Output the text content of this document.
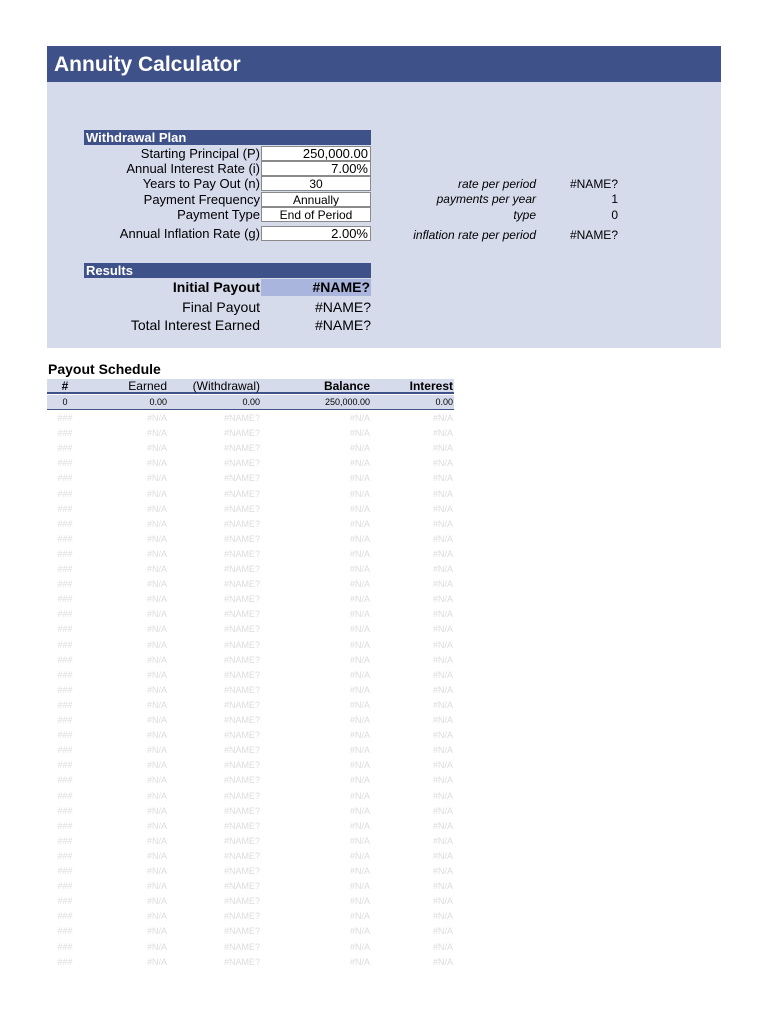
Annuity Calculator
Withdrawal Plan
Starting Principal (P)	250,000.00
Annual Interest Rate (i)	7.00%
Years to Pay Out (n)	30
Payment Frequency	Annually
Payment Type	End of Period
Annual Inflation Rate (g)	2.00%
rate per period	#NAME?
payments per year	1
type	0
inflation rate per period	#NAME?
Results
Initial Payout	#NAME?
Final Payout	#NAME?
Total Interest Earned	#NAME?
Payout Schedule
#	Earned	(Withdrawal)	Balance	Interest
0	0.00	0.00	250,000.00	0.00
###	#N/A	#NAME?	#N/A	#N/A
###	#N/A	#NAME?	#N/A	#N/A
###	#N/A	#NAME?	#N/A	#N/A
###	#N/A	#NAME?	#N/A	#N/A
###	#N/A	#NAME?	#N/A	#N/A
###	#N/A	#NAME?	#N/A	#N/A
###	#N/A	#NAME?	#N/A	#N/A
###	#N/A	#NAME?	#N/A	#N/A
###	#N/A	#NAME?	#N/A	#N/A
###	#N/A	#NAME?	#N/A	#N/A
###	#N/A	#NAME?	#N/A	#N/A
###	#N/A	#NAME?	#N/A	#N/A
###	#N/A	#NAME?	#N/A	#N/A
###	#N/A	#NAME?	#N/A	#N/A
###	#N/A	#NAME?	#N/A	#N/A
###	#N/A	#NAME?	#N/A	#N/A
###	#N/A	#NAME?	#N/A	#N/A
###	#N/A	#NAME?	#N/A	#N/A
###	#N/A	#NAME?	#N/A	#N/A
###	#N/A	#NAME?	#N/A	#N/A
###	#N/A	#NAME?	#N/A	#N/A
###	#N/A	#NAME?	#N/A	#N/A
###	#N/A	#NAME?	#N/A	#N/A
###	#N/A	#NAME?	#N/A	#N/A
###	#N/A	#NAME?	#N/A	#N/A
###	#N/A	#NAME?	#N/A	#N/A
###	#N/A	#NAME?	#N/A	#N/A
###	#N/A	#NAME?	#N/A	#N/A
###	#N/A	#NAME?	#N/A	#N/A
###	#N/A	#NAME?	#N/A	#N/A
###	#N/A	#NAME?	#N/A	#N/A
###	#N/A	#NAME?	#N/A	#N/A
###	#N/A	#NAME?	#N/A	#N/A
###	#N/A	#NAME?	#N/A	#N/A
###	#N/A	#NAME?	#N/A	#N/A
###	#N/A	#NAME?	#N/A	#N/A
###	#N/A	#NAME?	#N/A	#N/A
